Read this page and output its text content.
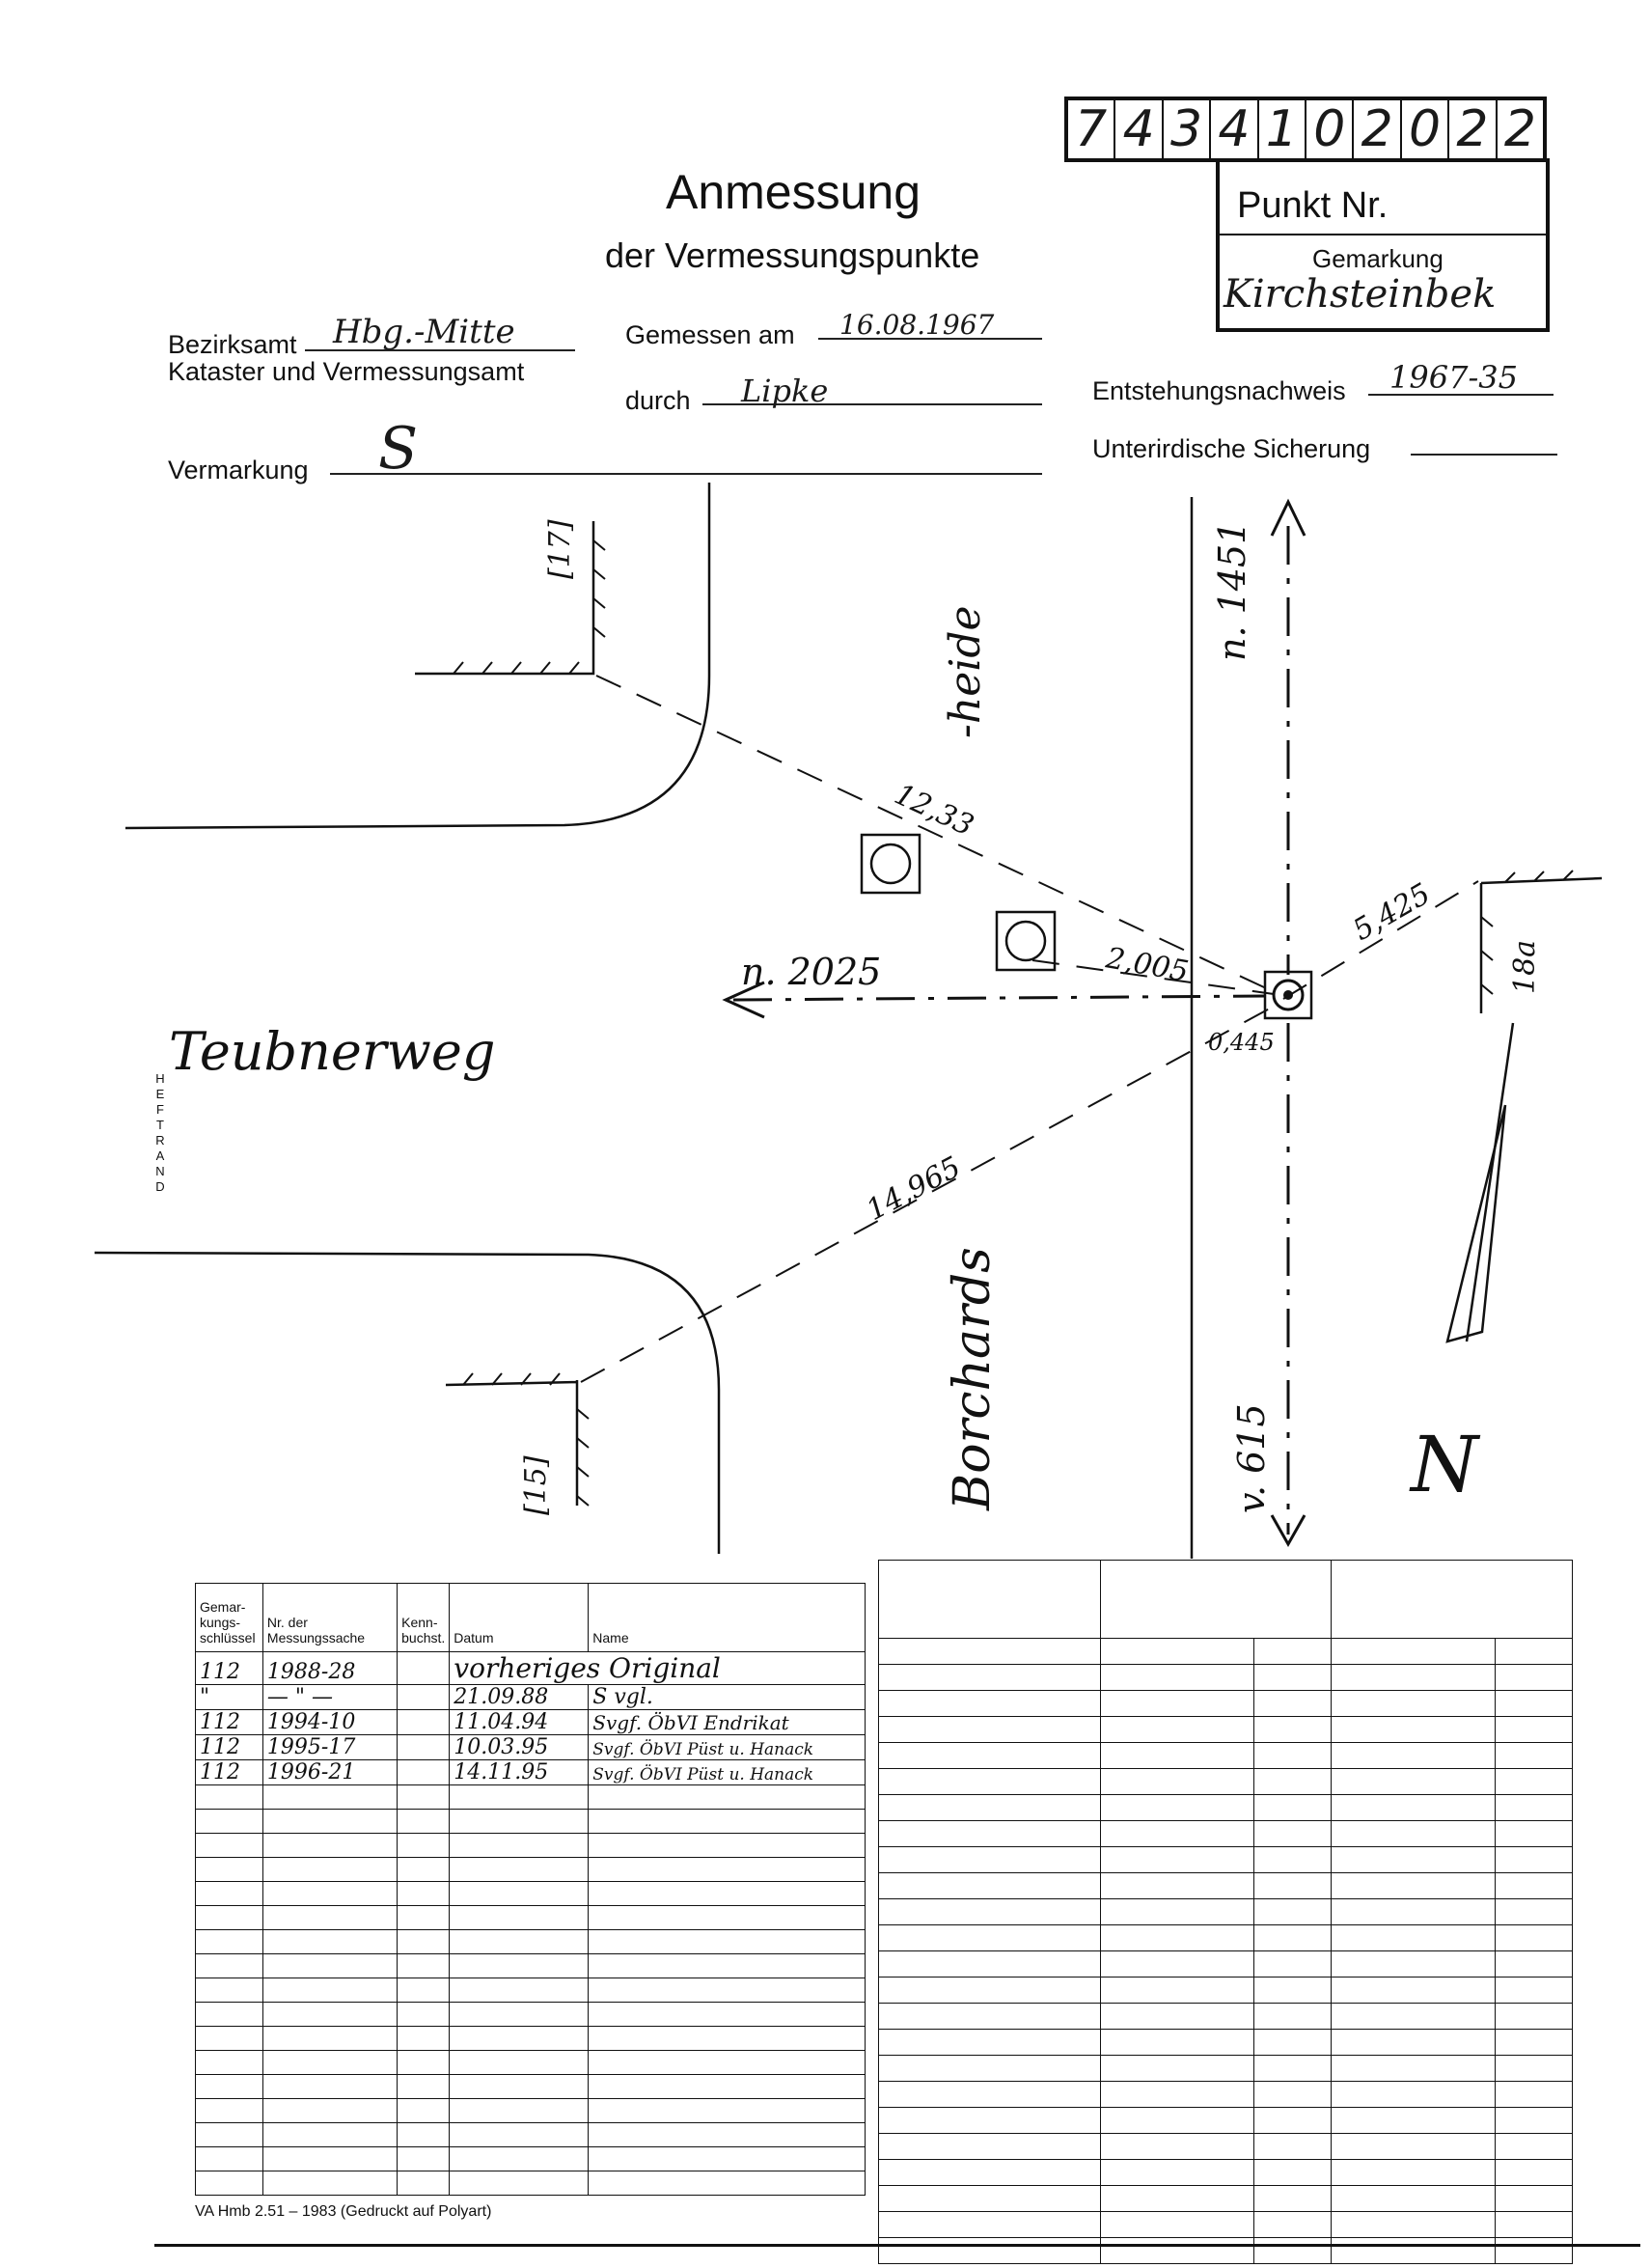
Anmessung
der Vermessungspunkte
7 4 3 4 1 0 2 0 2 2
Punkt Nr.
Gemarkung
Kirchsteinbek
Bezirksamt Hbg.-Mitte
Kataster und Vermessungsamt
Gemessen am 16.08.1967
durch Lipke	Entstehungsnachweis 1967-35
Unterirdische Sicherung
Vermarkung S
H
E
F
T
R
A
N
D
12,33
2,005
0,445
5,425
14,965
n. 2025
n. 1451
v. 615
Teubnerweg
Borchards
-heide
[17]
[15]
18a
N
Gemar-kungs-schlüssel	Nr. der Messungssache	Kenn-buchst.	Datum	Name
112	1988-28		vorheriges Original	
"	— " —		21.09.88	S vgl.
112	1994-10		11.04.94	Svgf. ÖbVI Endrikat
112	1995-17		10.03.95	Svgf. ÖbVI Püst u. Hanack
112	1996-21		14.11.95	Svgf. ÖbVI Püst u. Hanack

VA Hmb 2.51 – 1983 (Gedruckt auf Polyart)
